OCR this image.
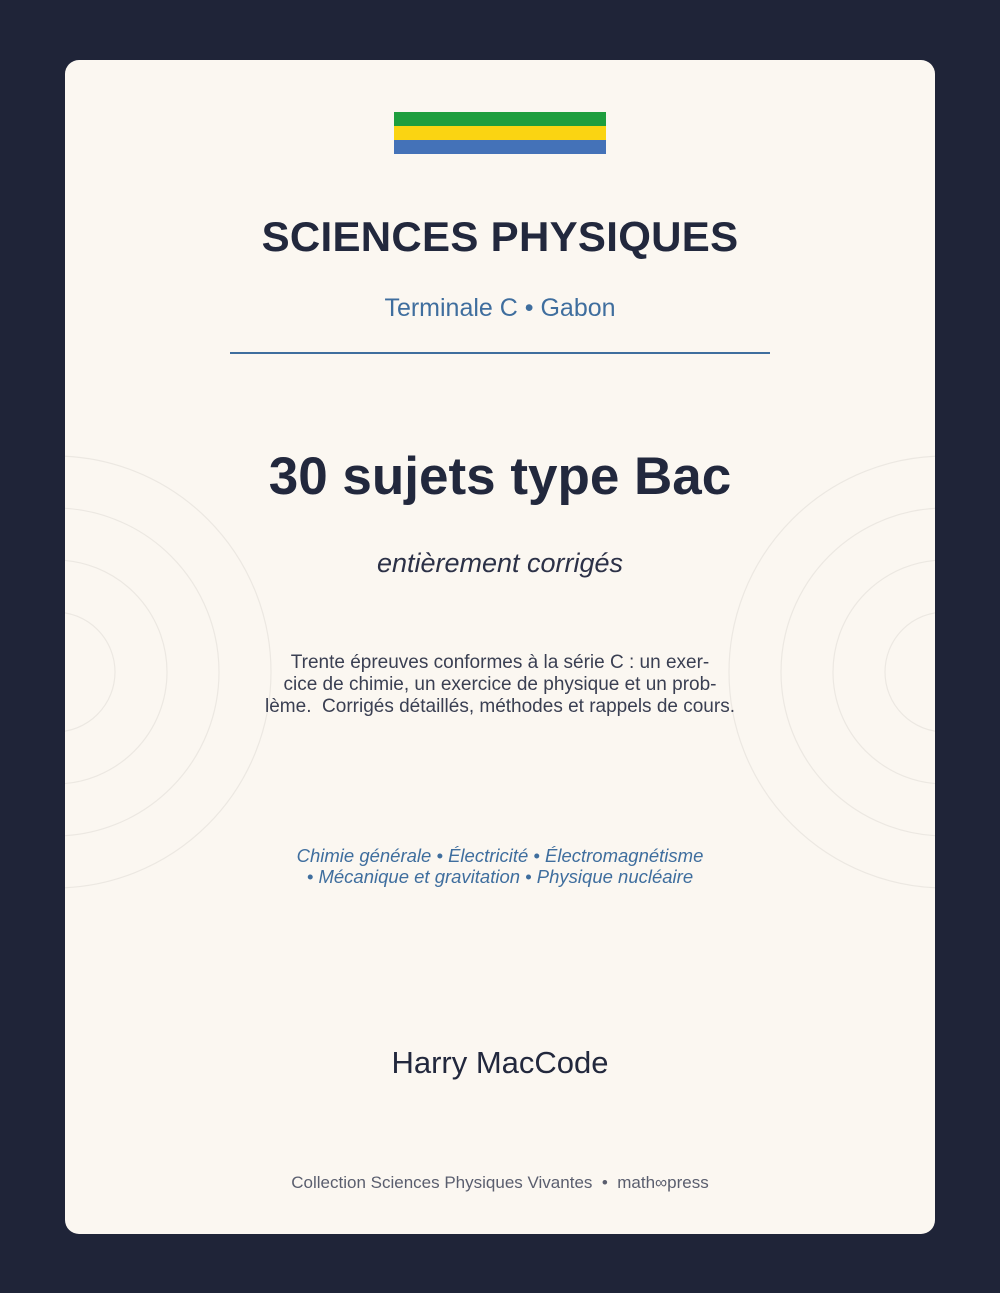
SCIENCES PHYSIQUES
Terminale C • Gabon
30 sujets type Bac
entièrement corrigés
Trente épreuves conformes à la série C : un exer-
cice de chimie, un exercice de physique et un prob-
lème.  Corrigés détaillés, méthodes et rappels de cours.
Chimie générale • Électricité • Électromagnétisme
• Mécanique et gravitation • Physique nucléaire
Harry MacCode
Collection Sciences Physiques Vivantes  •  math∞press
